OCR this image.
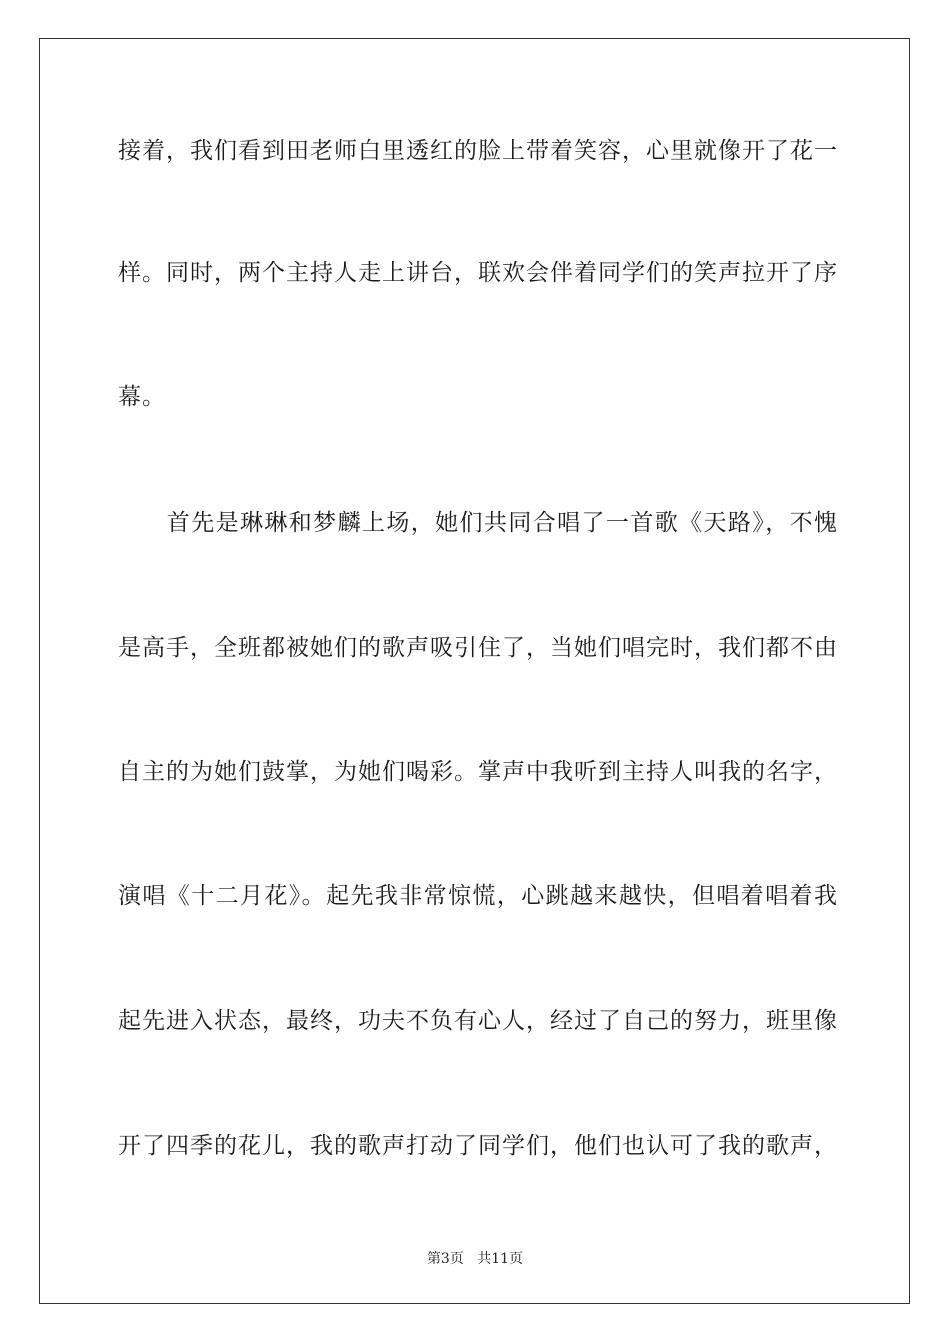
接着，我们看到田老师白里透红的脸上带着笑容，心里就像开了花一
样。同时，两个主持人走上讲台，联欢会伴着同学们的笑声拉开了序
幕。
　　首先是琳琳和梦麟上场，她们共同合唱了一首歌《天路》，不愧
是高手，全班都被她们的歌声吸引住了，当她们唱完时，我们都不由
自主的为她们鼓掌，为她们喝彩。掌声中我听到主持人叫我的名字，
演唱《十二月花》。起先我非常惊慌，心跳越来越快，但唱着唱着我
起先进入状态，最终，功夫不负有心人，经过了自己的努力，班里像
开了四季的花儿，我的歌声打动了同学们，他们也认可了我的歌声，
第3页 共11页
